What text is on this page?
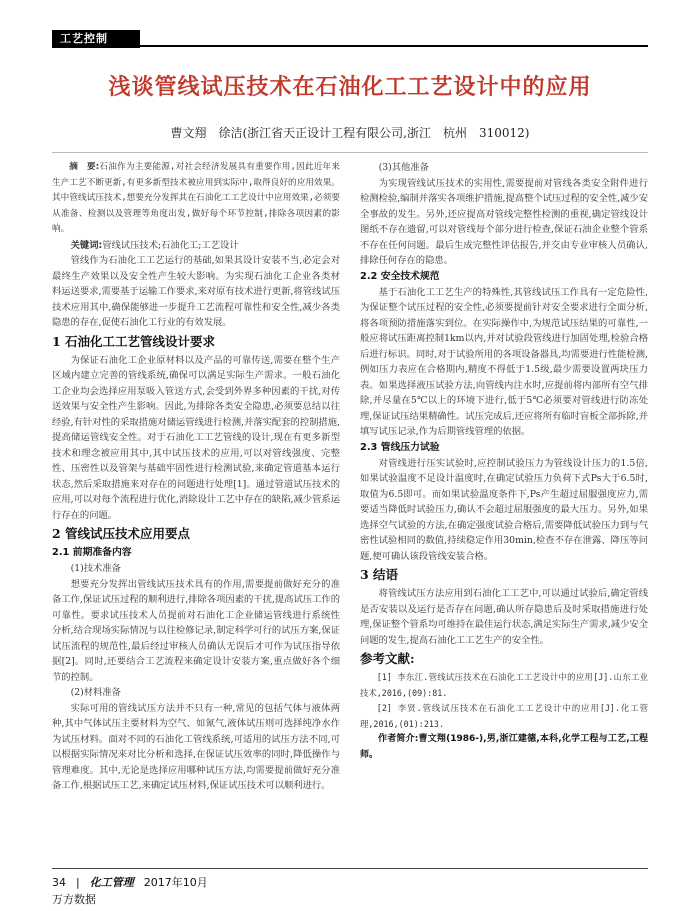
工艺控制
浅谈管线试压技术在石油化工工艺设计中的应用
曹文翔　徐洁(浙江省天正设计工程有限公司,浙江　杭州　310012)

摘　要:石油作为主要能源,对社会经济发展具有重要作用,因此近年来生产工艺不断更新,有更多新型技术被应用到实际中,取得良好的应用效果。其中管线试压技术,想要充分发挥其在石油化工工艺设计中应用效果,必须要从准备、检测以及管理等角度出发,做好每个环节控制,排除各项因素的影响。

关键词:管线试压技术;石油化工;工艺设计

管线作为石油化工工艺运行的基础,如果其设计安装不当,必定会对最终生产效果以及安全性产生较大影响。为实现石油化工企业各类材料运送要求,需要基于运输工作要求,来对原有技术进行更新,将管线试压技术应用其中,确保能够进一步提升工艺流程可靠性和安全性,减少各类隐患的存在,促使石油化工行业的有效发展。

1 石油化工工艺管线设计要求

为保证石油化工企业原材料以及产品的可靠传送,需要在整个生产区域内建立完善的管线系统,确保可以满足实际生产需求。一般石油化工企业均会选择应用泵吸入管送方式,会受到外界多种因素的干扰,对传送效果与安全性产生影响。因此,为排除各类安全隐患,必须要总结以往经验,有针对性的采取措施对储运管线进行检测,并落实配套的控制措施,提高储运管线安全性。对于石油化工工艺管线的设计,现在有更多新型技术和理念被应用其中,其中试压技术的应用,可以对管线强度、完整性、压密性以及管架与基础牢固性进行检测试验,来确定管道基本运行状态,然后采取措施来对存在的问题进行处理[1]。通过管道试压技术的应用,可以对每个流程进行优化,消除设计工艺中存在的缺陷,减少管系运行存在的问题。

2 管线试压技术应用要点
2.1 前期准备内容

(1)技术准备

想要充分发挥出管线试压技术具有的作用,需要提前做好充分的准备工作,保证试压过程的顺利进行,排除各项因素的干扰,提高试压工作的可靠性。要求试压技术人员提前对石油化工企业储运管线进行系统性分析,结合现场实际情况与以往检修记录,制定科学可行的试压方案,保证试压流程的规范性,最后经过审核人员确认无误后才可作为试压指导依据[2]。同时,还要结合工艺流程来确定设计安装方案,重点做好各个细节的控制。

(2)材料准备

实际可用的管线试压方法并不只有一种,常见的包括气体与液体两种,其中气体试压主要材料为空气、如氮气,液体试压则可选择纯净水作为试压材料。面对不同的石油化工管线系统,可适用的试压方法不同,可以根据实际情况来对比分析和选择,在保证试压效率的同时,降低操作与管理难度。其中,无论是选择应用哪种试压方法,均需要提前做好充分准备工作,根据试压工艺,来确定试压材料,保证试压技术可以顺利进行。

(3)其他准备

为实现管线试压技术的实用性,需要提前对管线各类安全附件进行检测检验,编制并落实各项维护措施,提高整个试压过程的安全性,减少安全事故的发生。另外,还应提高对管线完整性检测的重视,确定管线设计图纸不存在遗留,可以对管线每个部分进行检查,保证石油企业整个管系不存在任何问题。最后生成完整性评估报告,并交由专业审核人员确认,排除任何存在的隐患。

2.2 安全技术规范

基于石油化工工艺生产的特殊性,其管线试压工作具有一定危险性,为保证整个试压过程的安全性,必须要提前针对安全要求进行全面分析,将各项预防措施落实到位。在实际操作中,为规范试压结果的可靠性,一般应将试压距离控制1km以内,并对试验段管线进行加固处理,检验合格后进行标识。同时,对于试验所用的各项设备器具,均需要进行性能检测,例如压力表应在合格期内,精度不得低于1.5级,最少需要设置两块压力表。如果选择液压试验方法,向管线内注水时,应提前将内部所有空气排除,并尽量在5℃以上的环境下进行,低于5℃必须要对管线进行防冻处理,保证试压结果精确性。试压完成后,还应将所有临时盲板全部拆除,并填写试压记录,作为后期管线管理的依据。

2.3 管线压力试验

对管线进行压实试验时,应控制试验压力为管线设计压力的1.5倍,如果试验温度不足设计温度时,在确定试验压力负荷下式Ps大于6.5时,取值为6.5即可。而如果试验温度条件下,Ps产生超过屈服强度应力,需要适当降低时试验压力,确认不会超过屈服强度的最大压力。另外,如果选择空气试验的方法,在确定强度试验合格后,需要降低试验压力到与气密性试验相同的数值,持续稳定作用30min,检查不存在泄露、降压等问题,便可确认该段管线安装合格。

3 结语

将管线试压方法应用到石油化工工艺中,可以通过试验后,确定管线是否安装以及运行是否存在问题,确认所存隐患后及时采取措施进行处理,保证整个管系均可维持在最佳运行状态,满足实际生产需求,减少安全问题的发生,提高石油化工工艺生产的安全性。

参考文献:

[1] 李东江.管线试压技术在石油化工工艺设计中的应用[J].山东工业技术,2016,(09):81.

[2] 李贤.管线试压技术在石油化工工艺设计中的应用[J].化工管理,2016,(01):213.

作者简介:曹文翔(1986-),男,浙江建德,本科,化学工程与工艺,工程师。

34 | 化工管理 2017年10月
万方数据
